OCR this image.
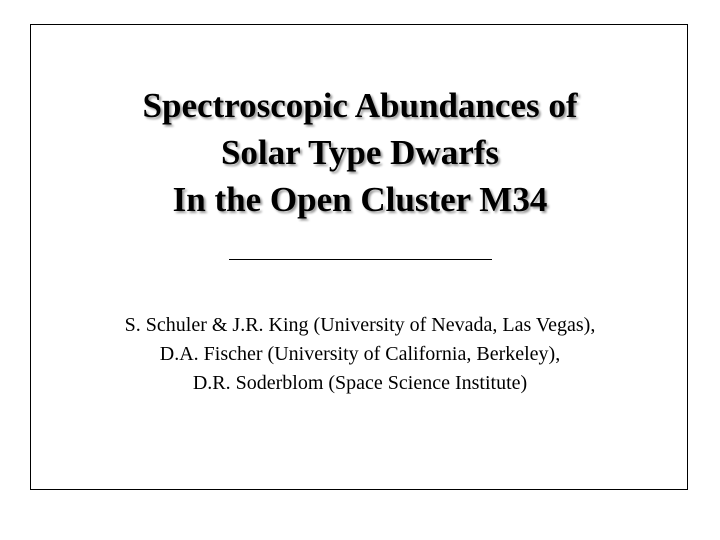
Spectroscopic Abundances of
Solar Type Dwarfs
In the Open Cluster M34
S. Schuler & J.R. King (University of Nevada, Las Vegas),
D.A. Fischer (University of California, Berkeley),
D.R. Soderblom (Space Science Institute)
